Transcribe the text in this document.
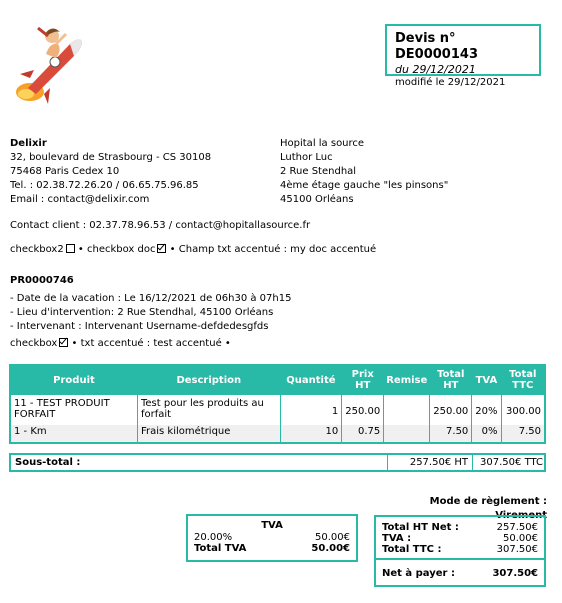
Devis n° DE0000143
du 29/12/2021
modifié le 29/12/2021
Delixir
32, boulevard de Strasbourg - CS 30108
75468 Paris Cedex 10
Tel. : 02.38.72.26.20 / 06.65.75.96.85
Email : contact@delixir.com
Hopital la source
Luthor Luc
2 Rue Stendhal
4ème étage gauche "les pinsons"
45100 Orléans
Contact client : 02.37.78.96.53 / contact@hopitallasource.fr
checkbox2 • checkbox doc • Champ txt accentué : my doc accentué
PR0000746
- Date de la vacation : Le 16/12/2021 de 06h30 à 07h15
- Lieu d'intervention: 2 Rue Stendhal, 45100 Orléans
- Intervenant : Intervenant Username-defdedesgfds
checkbox • txt accentué : test accentué •
Produit	Description	Quantité	Prix HT	Remise	Total HT	TVA	Total TTC
11 - TEST PRODUIT FORFAIT	Test pour les produits au forfait	1	250.00		250.00	20%	300.00
1 - Km	Frais kilométrique	10	0.75		7.50	0%	7.50
Sous-total :	257.50€ HT	307.50€ TTC
Mode de règlement : Virement
TVA
20.00%	50.00€
Total TVA	50.00€
Total HT Net :	257.50€
TVA :	50.00€
Total TTC :	307.50€
Net à payer :	307.50€
